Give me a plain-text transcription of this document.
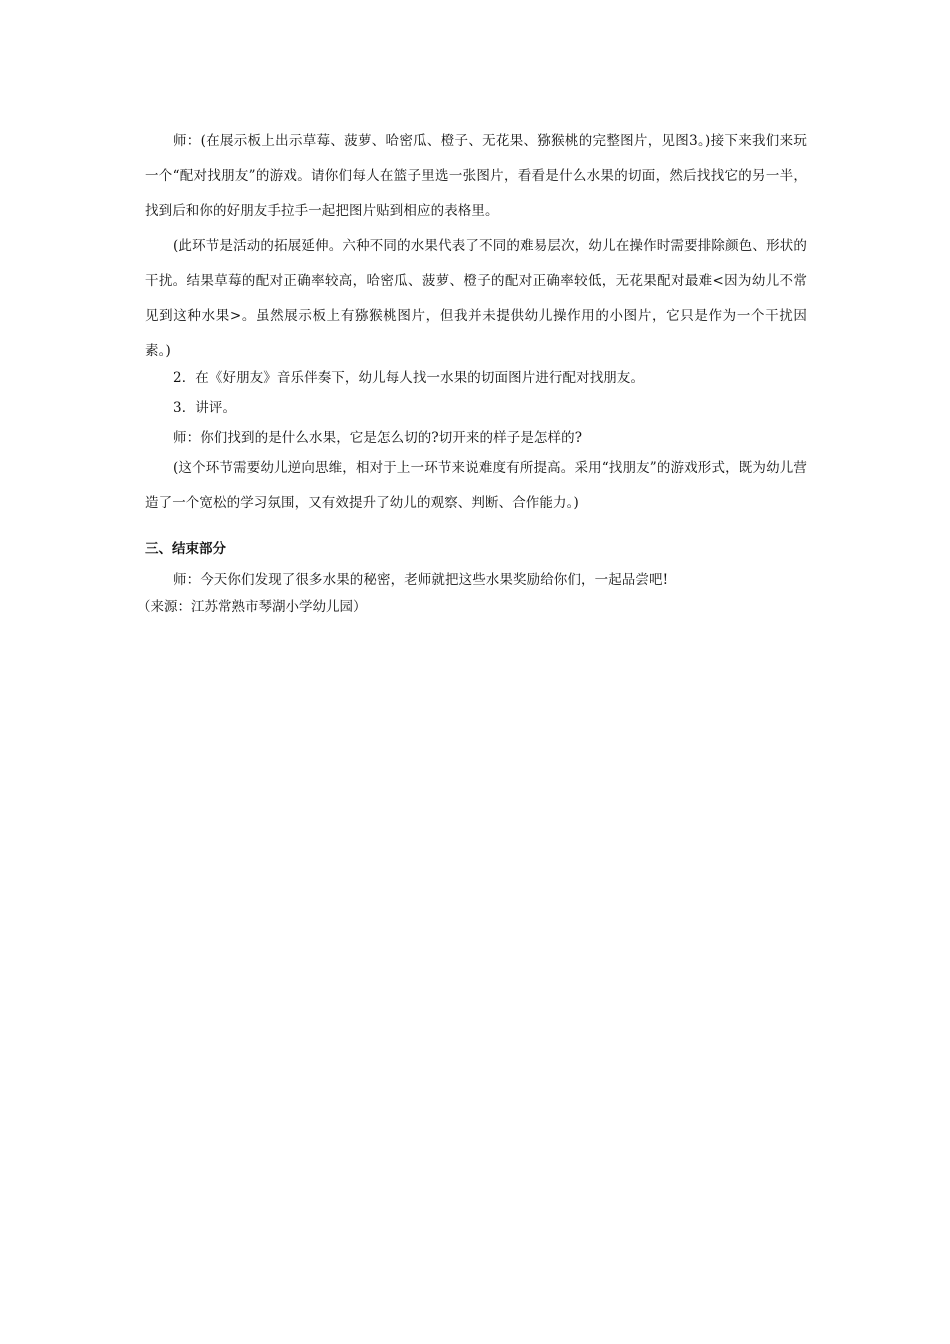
师：(在展示板上出示草莓、菠萝、哈密瓜、橙子、无花果、猕猴桃的完整图片，见图3。)接下来我们来玩一个“配对找朋友”的游戏。请你们每人在篮子里选一张图片，看看是什么水果的切面，然后找找它的另一半，找到后和你的好朋友手拉手一起把图片贴到相应的表格里。

(此环节是活动的拓展延伸。六种不同的水果代表了不同的难易层次，幼儿在操作时需要排除颜色、形状的干扰。结果草莓的配对正确率较高，哈密瓜、菠萝、橙子的配对正确率较低，无花果配对最难<因为幼儿不常见到这种水果>。虽然展示板上有猕猴桃图片，但我并未提供幼儿操作用的小图片，它只是作为一个干扰因素。)

2．在《好朋友》音乐伴奏下，幼儿每人找一水果的切面图片进行配对找朋友。

3．讲评。

师：你们找到的是什么水果，它是怎么切的?切开来的样子是怎样的?

(这个环节需要幼儿逆向思维，相对于上一环节来说难度有所提高。采用“找朋友”的游戏形式，既为幼儿营造了一个宽松的学习氛围，又有效提升了幼儿的观察、判断、合作能力。)

三、结束部分

师：今天你们发现了很多水果的秘密，老师就把这些水果奖励给你们，一起品尝吧!

（来源：江苏常熟市琴湖小学幼儿园）
